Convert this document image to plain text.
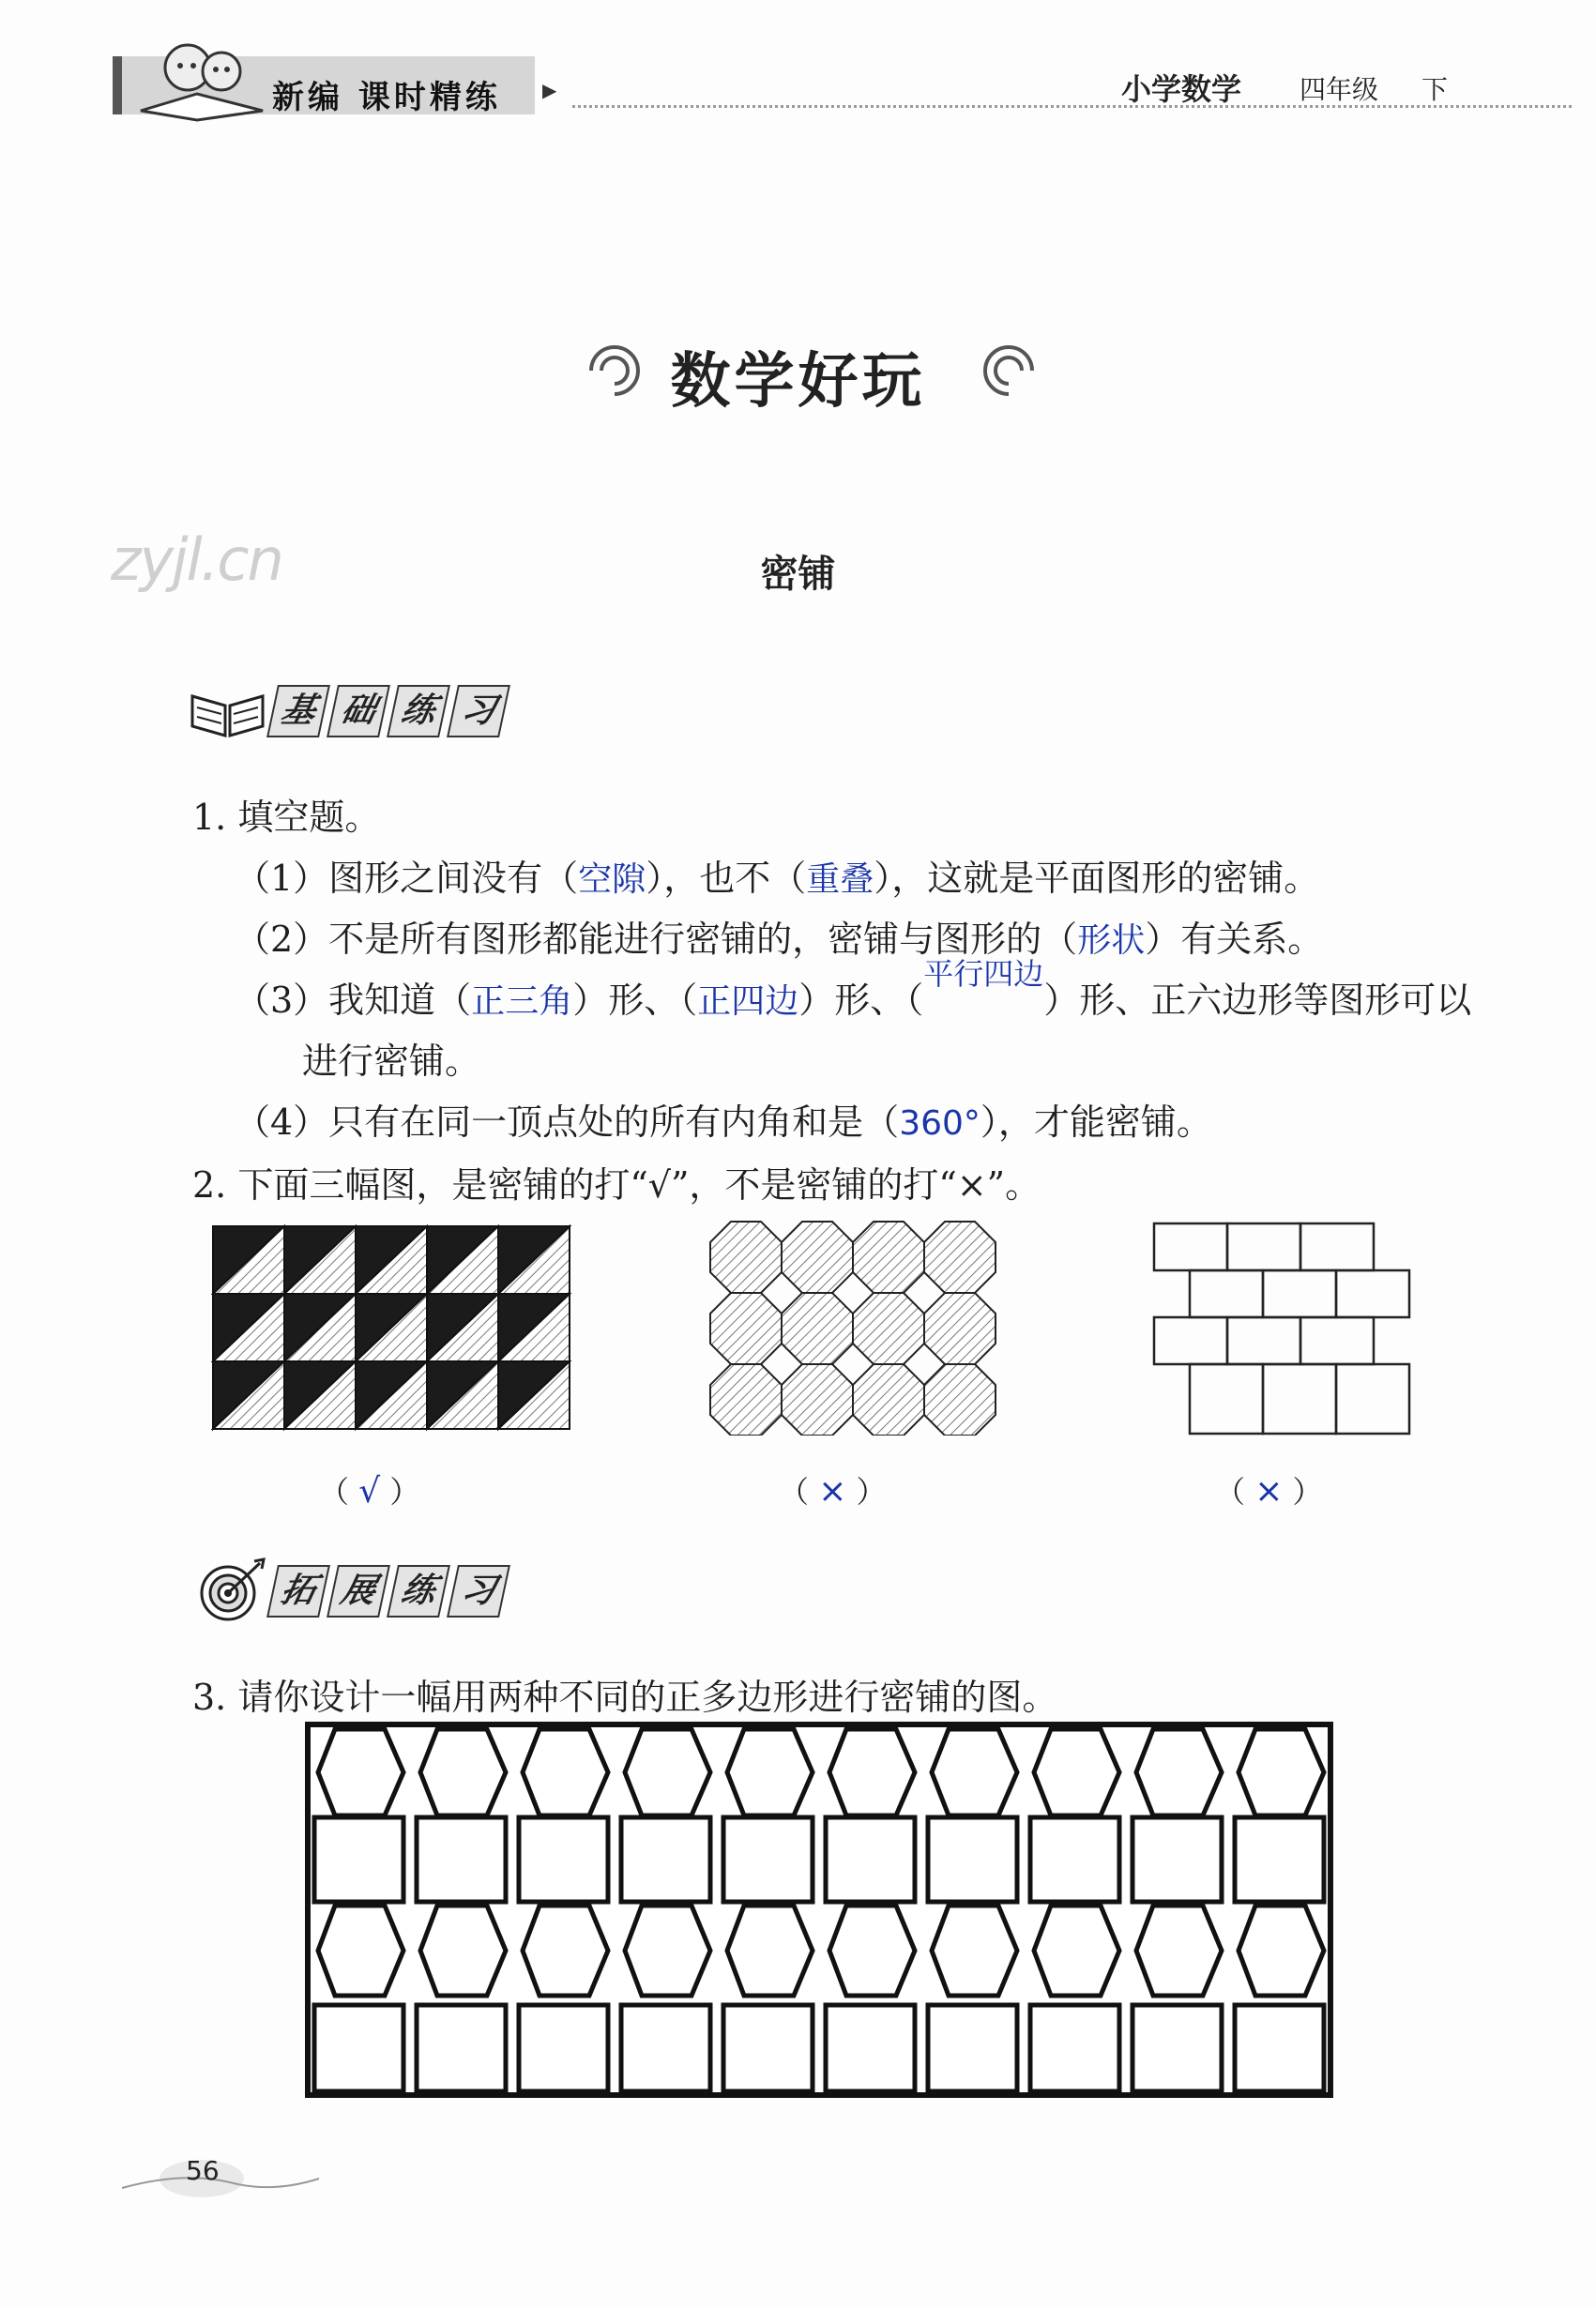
新编 课时精练 ▶	小学数学 四年级 下
数学好玩
zyjl.cn	密铺
基 础 练 习
1. 填空题。
（1）图形之间没有（空隙），也不（重叠），这就是平面图形的密铺。
（2）不是所有图形都能进行密铺的，密铺与图形的（形状）有关系。
（3）我知道（正三角）形、（正四边）形、（$^{平行四边}$）形、正六边形等图形可以
进行密铺。
（4）只有在同一顶点处的所有内角和是（360°），才能密铺。
2. 下面三幅图，是密铺的打“√”，不是密铺的打“×”。
（ √ ）	（ × ）	（ × ）
拓 展 练 习
3. 请你设计一幅用两种不同的正多边形进行密铺的图。
56
